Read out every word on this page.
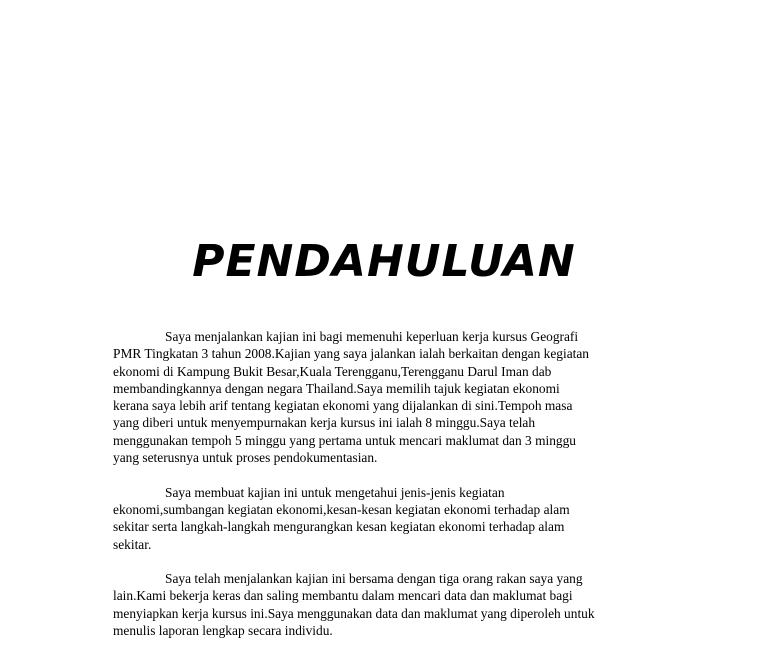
PENDAHULUAN

Saya menjalankan kajian ini bagi memenuhi keperluan kerja kursus Geografi
PMR Tingkatan 3 tahun 2008.Kajian yang saya jalankan ialah berkaitan dengan kegiatan
ekonomi di Kampung Bukit Besar,Kuala Terengganu,Terengganu Darul Iman dab
membandingkannya dengan negara Thailand.Saya memilih tajuk kegiatan ekonomi
kerana saya lebih arif tentang kegiatan ekonomi yang dijalankan di sini.Tempoh masa
yang diberi untuk menyempurnakan kerja kursus ini ialah 8 minggu.Saya telah
menggunakan tempoh 5 minggu yang pertama untuk mencari maklumat dan 3 minggu
yang seterusnya untuk proses pendokumentasian.

Saya membuat kajian ini untuk mengetahui jenis-jenis kegiatan
ekonomi,sumbangan kegiatan ekonomi,kesan-kesan kegiatan ekonomi terhadap alam
sekitar serta langkah-langkah mengurangkan kesan kegiatan ekonomi terhadap alam
sekitar.

Saya telah menjalankan kajian ini bersama dengan tiga orang rakan saya yang
lain.Kami bekerja keras dan saling membantu dalam mencari data dan maklumat bagi
menyiapkan kerja kursus ini.Saya menggunakan data dan maklumat yang diperoleh untuk
menulis laporan lengkap secara individu.
